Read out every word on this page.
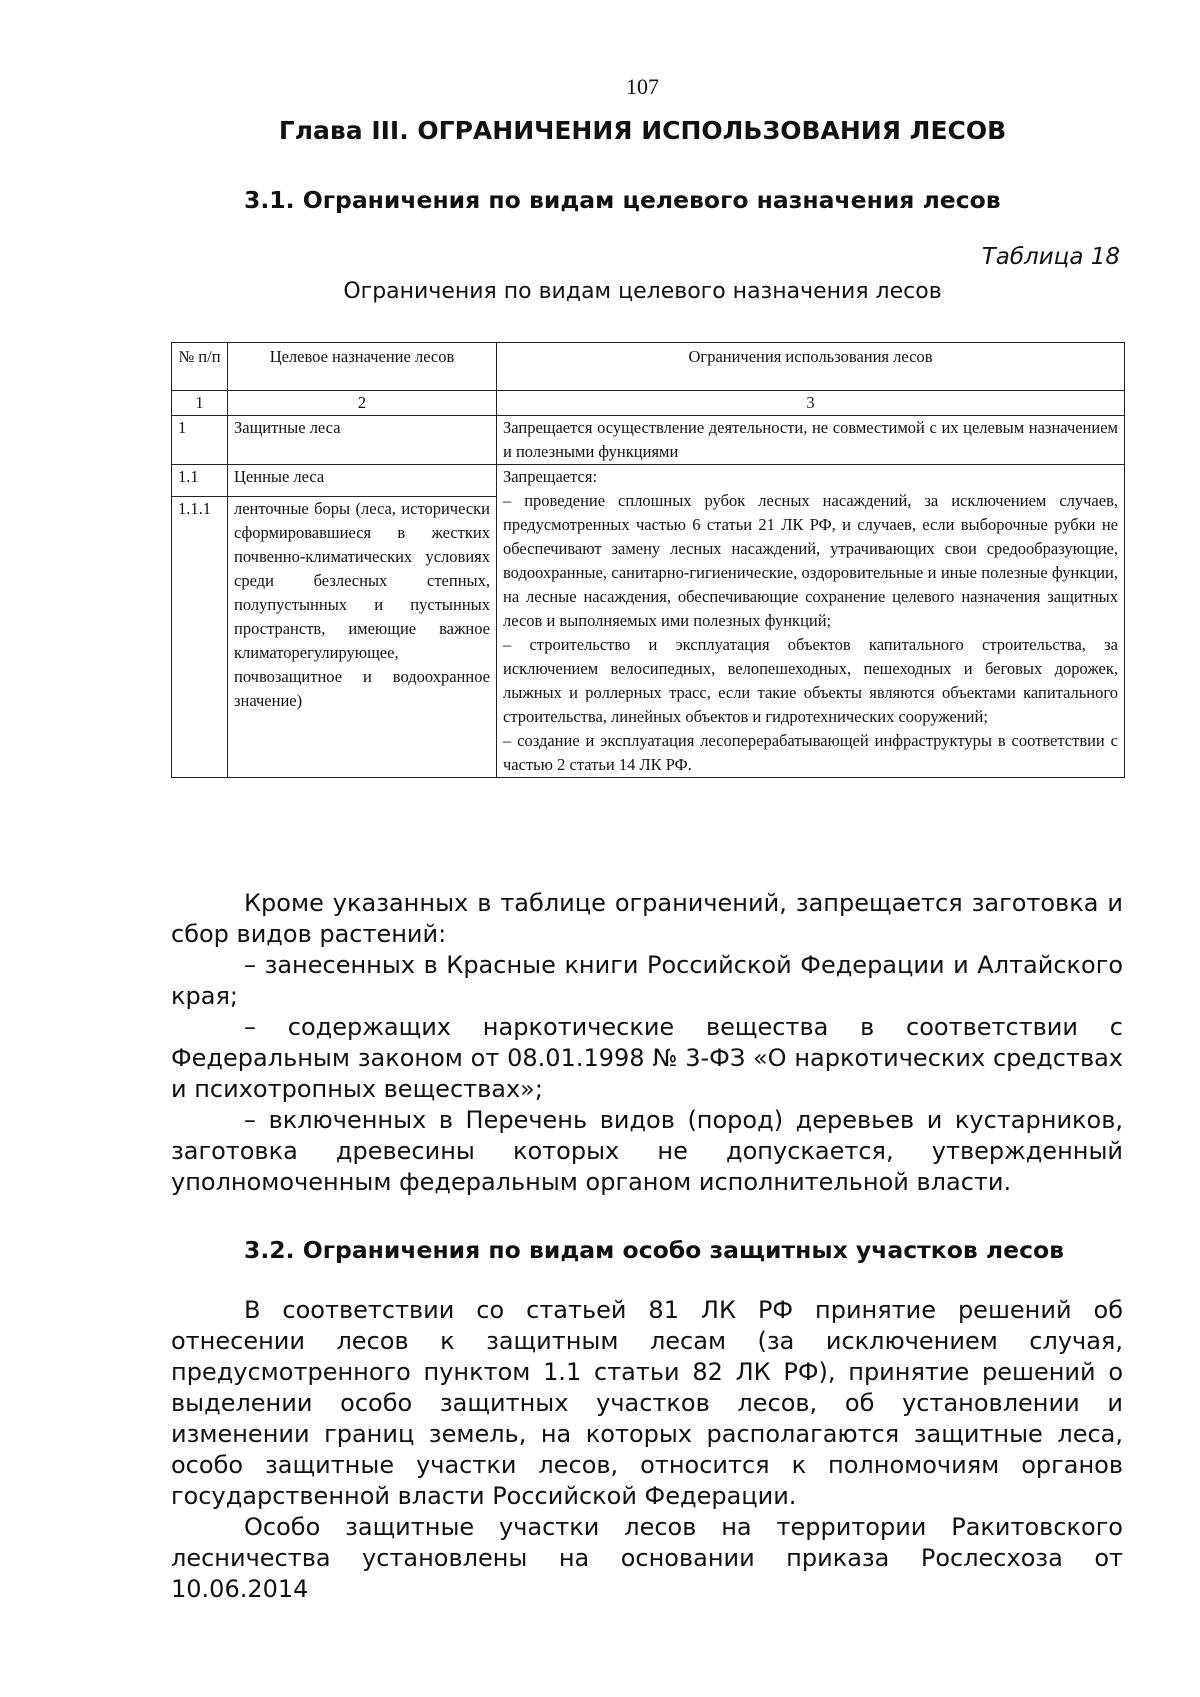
107
Глава III. ОГРАНИЧЕНИЯ ИСПОЛЬЗОВАНИЯ ЛЕСОВ
3.1. Ограничения по видам целевого назначения лесов
Таблица 18
Ограничения по видам целевого назначения лесов
№ п/п	Целевое назначение лесов	Ограничения использования лесов
1	2	3
1	Защитные леса	Запрещается осуществление деятельности, не совместимой с их целевым назначением и полезными функциями
1.1	Ценные леса	Запрещается:
– проведение сплошных рубок лесных насаждений, за исключением случаев, предусмотренных частью 6 статьи 21 ЛК РФ, и случаев, если выборочные рубки не обеспечивают замену лесных насаждений, утрачивающих свои средообразующие, водоохранные, санитарно-гигиенические, оздоровительные и иные полезные функции, на лесные насаждения, обеспечивающие сохранение целевого назначения защитных лесов и выполняемых ими полезных функций;
– строительство и эксплуатация объектов капитального строительства, за исключением велосипедных, велопешеходных, пешеходных и беговых дорожек, лыжных и роллерных трасс, если такие объекты являются объектами капитального строительства, линейных объектов и гидротехнических сооружений;
– создание и эксплуатация лесоперерабатывающей инфраструктуры в соответствии с частью 2 статьи 14 ЛК РФ.

1.1.1	ленточные боры (леса, исторически сформировавшиеся в жестких почвенно-климатических условиях среди безлесных степных, полупустынных и пустынных пространств, имеющие важное климаторегулирующее, почвозащитное и водоохранное значение)	

Кроме указанных в таблице ограничений, запрещается заготовка и сбор видов растений:

– занесенных в Красные книги Российской Федерации и Алтайского края;

– содержащих наркотические вещества в соответствии с Федеральным законом от 08.01.1998 № 3-ФЗ «О наркотических средствах и психотропных веществах»;

– включенных в Перечень видов (пород) деревьев и кустарников, заготовка древесины которых не допускается, утвержденный уполномоченным федеральным органом исполнительной власти.

3.2. Ограничения по видам особо защитных участков лесов

В соответствии со статьей 81 ЛК РФ принятие решений об отнесении лесов к защитным лесам (за исключением случая, предусмотренного пунктом 1.1 статьи 82 ЛК РФ), принятие решений о выделении особо защитных участков лесов, об установлении и изменении границ земель, на которых располагаются защитные леса, особо защитные участки лесов, относится к полномочиям органов государственной власти Российской Федерации.

Особо защитные участки лесов на территории Ракитовского лесничества установлены на основании приказа Рослесхоза от 10.06.2014
